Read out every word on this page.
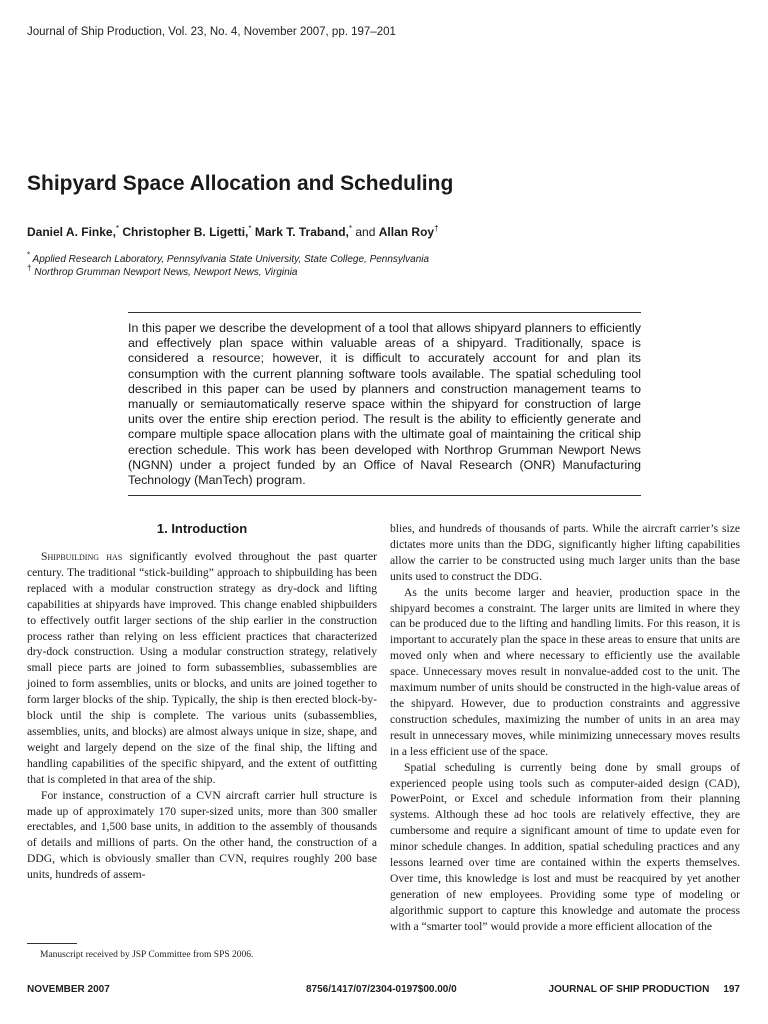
Journal of Ship Production, Vol. 23, No. 4, November 2007, pp. 197–201
Shipyard Space Allocation and Scheduling
Daniel A. Finke,* Christopher B. Ligetti,* Mark T. Traband,* and Allan Roy†
* Applied Research Laboratory, Pennsylvania State University, State College, Pennsylvania
† Northrop Grumman Newport News, Newport News, Virginia

In this paper we describe the development of a tool that allows shipyard planners to efficiently and effectively plan space within valuable areas of a shipyard. Traditionally, space is considered a resource; however, it is difficult to accurately account for and plan its consumption with the current planning software tools available. The spatial scheduling tool described in this paper can be used by planners and construction management teams to manually or semiautomatically reserve space within the shipyard for construction of large units over the entire ship erection period. The result is the ability to efficiently generate and compare multiple space allocation plans with the ultimate goal of maintaining the critical ship erection schedule. This work has been developed with Northrop Grumman Newport News (NGNN) under a project funded by an Office of Naval Research (ONR) Manufacturing Technology (ManTech) program.

1. Introduction

Shipbuilding has significantly evolved throughout the past quarter century. The traditional “stick-building” approach to shipbuilding has been replaced with a modular construction strategy as dry-dock and lifting capabilities at shipyards have improved. This change enabled shipbuilders to effectively outfit larger sections of the ship earlier in the construction process rather than relying on less efficient practices that characterized dry-dock construction. Using a modular construction strategy, relatively small piece parts are joined to form subassemblies, subassemblies are joined to form assemblies, units or blocks, and units are joined together to form larger blocks of the ship. Typically, the ship is then erected block-by-block until the ship is complete. The various units (subassemblies, assemblies, units, and blocks) are almost always unique in size, shape, and weight and largely depend on the size of the final ship, the lifting and handling capabilities of the specific shipyard, and the extent of outfitting that is completed in that area of the ship.

For instance, construction of a CVN aircraft carrier hull structure is made up of approximately 170 super-sized units, more than 300 smaller erectables, and 1,500 base units, in addition to the assembly of thousands of details and millions of parts. On the other hand, the construction of a DDG, which is obviously smaller than CVN, requires roughly 200 base units, hundreds of assem-

blies, and hundreds of thousands of parts. While the aircraft carrier’s size dictates more units than the DDG, significantly higher lifting capabilities allow the carrier to be constructed using much larger units than the base units used to construct the DDG.

As the units become larger and heavier, production space in the shipyard becomes a constraint. The larger units are limited in where they can be produced due to the lifting and handling limits. For this reason, it is important to accurately plan the space in these areas to ensure that units are moved only when and where necessary to efficiently use the available space. Unnecessary moves result in nonvalue-added cost to the unit. The maximum number of units should be constructed in the high-value areas of the shipyard. However, due to production constraints and aggressive construction schedules, maximizing the number of units in an area may result in unnecessary moves, while minimizing unnecessary moves results in a less efficient use of the space.

Spatial scheduling is currently being done by small groups of experienced people using tools such as computer-aided design (CAD), PowerPoint, or Excel and schedule information from their planning systems. Although these ad hoc tools are relatively effective, they are cumbersome and require a significant amount of time to update even for minor schedule changes. In addition, spatial scheduling practices and any lessons learned over time are contained within the experts themselves. Over time, this knowledge is lost and must be reacquired by yet another generation of new employees. Providing some type of modeling or algorithmic support to capture this knowledge and automate the process with a “smarter tool” would provide a more efficient allocation of the

Manuscript received by JSP Committee from SPS 2006.
NOVEMBER 2007	8756/1417/07/2304-0197$00.00/0	JOURNAL OF SHIP PRODUCTION 197
